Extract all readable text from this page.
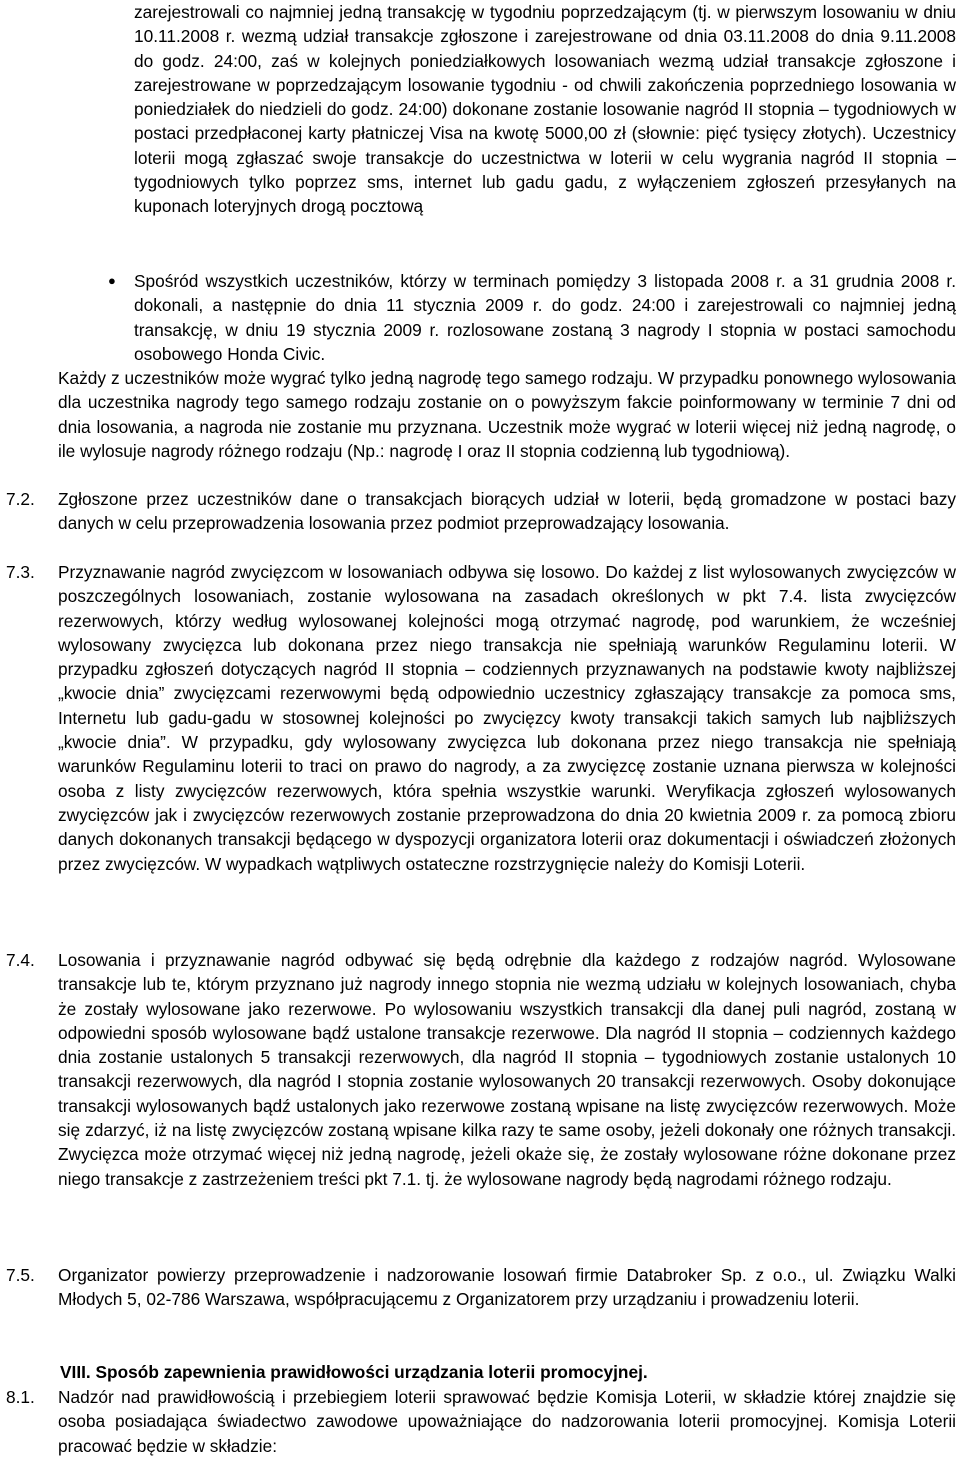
zarejestrowali co najmniej jedną transakcję w tygodniu poprzedzającym (tj. w pierwszym losowaniu w dniu 10.11.2008 r. wezmą udział transakcje zgłoszone i zarejestrowane od dnia 03.11.2008 do dnia 9.11.2008 do godz. 24:00, zaś w kolejnych poniedziałkowych losowaniach wezmą udział transakcje zgłoszone i zarejestrowane w poprzedzającym losowanie tygodniu - od chwili zakończenia poprzedniego losowania w poniedziałek do niedzieli do godz. 24:00) dokonane zostanie losowanie nagród II stopnia – tygodniowych w postaci przedpłaconej karty płatniczej Visa na kwotę 5000,00 zł (słownie: pięć tysięcy złotych). Uczestnicy loterii mogą zgłaszać swoje transakcje do uczestnictwa w loterii w celu wygrania nagród II stopnia – tygodniowych tylko poprzez sms, internet lub gadu gadu, z wyłączeniem zgłoszeń przesyłanych na kuponach loteryjnych drogą pocztową

●	Spośród wszystkich uczestników, którzy w terminach pomiędzy 3 listopada 2008 r. a 31 grudnia 2008 r. dokonali, a następnie do dnia 11 stycznia 2009 r. do godz. 24:00 i zarejestrowali co najmniej jedną transakcję, w dniu 19 stycznia 2009 r. rozlosowane zostaną 3 nagrody I stopnia w postaci samochodu osobowego Honda Civic.

Każdy z uczestników może wygrać tylko jedną nagrodę tego samego rodzaju. W przypadku ponownego wylosowania dla uczestnika nagrody tego samego rodzaju zostanie on o powyższym fakcie poinformowany w terminie 7 dni od dnia losowania, a nagroda nie zostanie mu przyznana. Uczestnik może wygrać w loterii więcej niż jedną nagrodę, o ile wylosuje nagrody różnego rodzaju (Np.: nagrodę I oraz II stopnia codzienną lub tygodniową).

7.2.	Zgłoszone przez uczestników dane o transakcjach biorących udział w loterii, będą gromadzone w postaci bazy danych w celu przeprowadzenia losowania przez podmiot przeprowadzający losowania.

7.3.	Przyznawanie nagród zwycięzcom w losowaniach odbywa się losowo. Do każdej z list wylosowanych zwycięzców w poszczególnych losowaniach, zostanie wylosowana na zasadach określonych w pkt 7.4. lista zwycięzców rezerwowych, którzy według wylosowanej kolejności mogą otrzymać nagrodę, pod warunkiem, że wcześniej wylosowany zwycięzca lub dokonana przez niego transakcja nie spełniają warunków Regulaminu loterii. W przypadku zgłoszeń dotyczących nagród II stopnia – codziennych przyznawanych na podstawie kwoty najbliższej „kwocie dnia” zwycięzcami rezerwowymi będą odpowiednio uczestnicy zgłaszający transakcje za pomoca sms, Internetu lub gadu-gadu w stosownej kolejności po zwycięzcy kwoty transakcji takich samych lub najbliższych „kwocie dnia”. W przypadku, gdy wylosowany zwycięzca lub dokonana przez niego transakcja nie spełniają warunków Regulaminu loterii to traci on prawo do nagrody, a za zwycięzcę zostanie uznana pierwsza w kolejności osoba z listy zwycięzców rezerwowych, która spełnia wszystkie warunki. Weryfikacja zgłoszeń wylosowanych zwycięzców jak i zwycięzców rezerwowych zostanie przeprowadzona do dnia 20 kwietnia 2009 r. za pomocą zbioru danych dokonanych transakcji będącego w dyspozycji organizatora loterii oraz dokumentacji i oświadczeń złożonych przez zwycięzców. W wypadkach wątpliwych ostateczne rozstrzygnięcie należy do Komisji Loterii.

7.4.	Losowania i przyznawanie nagród odbywać się będą odrębnie dla każdego z rodzajów nagród. Wylosowane transakcje lub te, którym przyznano już nagrody innego stopnia nie wezmą udziału w kolejnych losowaniach, chyba że zostały wylosowane jako rezerwowe. Po wylosowaniu wszystkich transakcji dla danej puli nagród, zostaną w odpowiedni sposób wylosowane bądź ustalone transakcje rezerwowe. Dla nagród II stopnia – codziennych każdego dnia zostanie ustalonych 5 transakcji rezerwowych, dla nagród II stopnia – tygodniowych zostanie ustalonych 10 transakcji rezerwowych, dla nagród I stopnia zostanie wylosowanych 20 transakcji rezerwowych. Osoby dokonujące transakcji wylosowanych bądź ustalonych jako rezerwowe zostaną wpisane na listę zwycięzców rezerwowych. Może się zdarzyć, iż na listę zwycięzców zostaną wpisane kilka razy te same osoby, jeżeli dokonały one różnych transakcji. Zwycięzca może otrzymać więcej niż jedną nagrodę, jeżeli okaże się, że zostały wylosowane różne dokonane przez niego transakcje z zastrzeżeniem treści pkt 7.1. tj. że wylosowane nagrody będą nagrodami różnego rodzaju.

7.5.	Organizator powierzy przeprowadzenie i nadzorowanie losowań firmie Databroker Sp. z o.o., ul. Związku Walki Młodych 5, 02-786 Warszawa, współpracującemu z Organizatorem przy urządzaniu i prowadzeniu loterii.

VIII. Sposób zapewnienia prawidłowości urządzania loterii promocyjnej.

8.1.	Nadzór nad prawidłowością i przebiegiem loterii sprawować będzie Komisja Loterii, w składzie której znajdzie się osoba posiadająca świadectwo zawodowe upoważniające do nadzorowania loterii promocyjnej. Komisja Loterii pracować będzie w składzie:
